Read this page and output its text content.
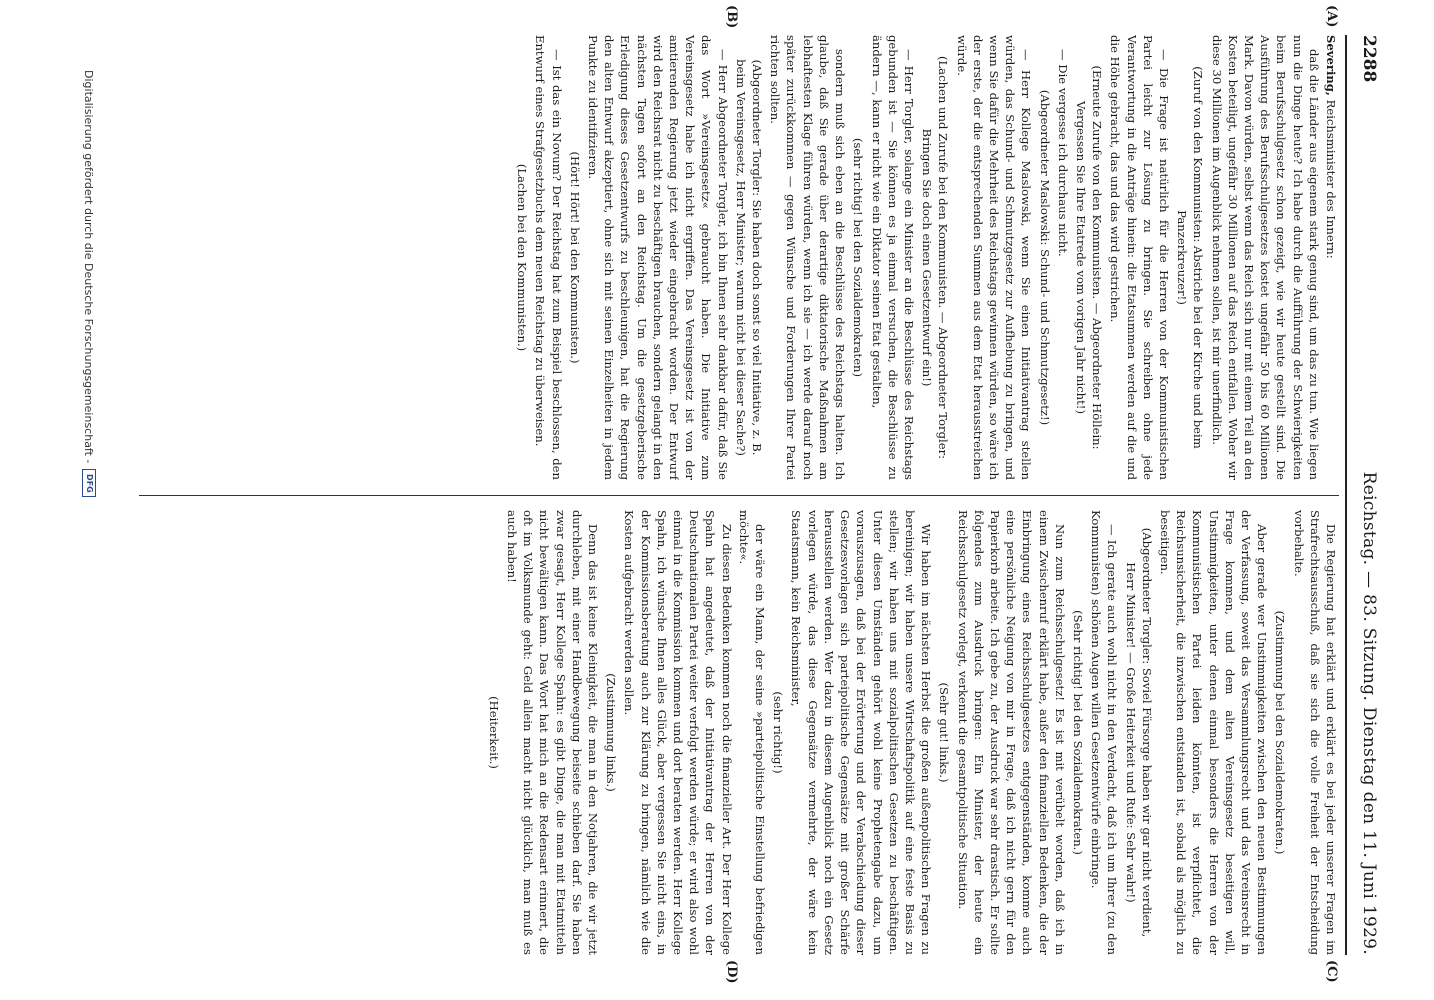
2288
Reichstag. — 83. Sitzung. Dienstag den 11. Juni 1929.
(A)
(B)
(C)
(D)

Severing, Reichsminister des Innern:

daß die Länder aus eigenem stark genug sind, um das zu tun. Wie liegen nun die Dinge heute? Ich habe durch die Aufführung der Schwierigkeiten beim Berufsschulgesetz schon gezeigt, wie wir heute gestellt sind. Die Ausführung des Berufsschulgesetzes kostet ungefähr 50 bis 60 Millionen Mark. Davon würden, selbst wenn das Reich sich nur mit einem Teil an den Kosten beteiligt, ungefähr 30 Millionen auf das Reich entfallen. Woher wir diese 30 Millionen im Augenblick nehmen sollen, ist mir unerfindlich.

(Zuruf von den Kommunisten: Abstriche bei der Kirche und beim Panzerkreuzer!)

— Die Frage ist natürlich für die Herren von der Kommunistischen Partei leicht zur Lösung zu bringen. Sie schreiben ohne jede Verantwortung in die Anträge hinein: die Etatsummen werden auf die und die Höhe gebracht, das und das wird gestrichen.

(Erneute Zurufe von den Kommunisten. — Abgeordneter Höllein: Vergessen Sie Ihre Etatrede vom vorigen Jahr nicht!)

— Die vergesse ich durchaus nicht.

(Abgeordneter Maslowski: Schund- und Schmutzgesetz!)

— Herr Kollege Maslowski, wenn Sie einen Initiativantrag stellen würden, das Schund- und Schmutzgesetz zur Aufhebung zu bringen, und wenn Sie dafür die Mehrheit des Reichstags gewinnen würden, so wäre ich der erste, der die entsprechenden Summen aus dem Etat herausstreichen würde.

(Lachen und Zurufe bei den Kommunisten. — Abgeordneter Torgler: Bringen Sie doch einen Gesetzentwurf ein!)

— Herr Torgler, solange ein Minister an die Beschlüsse des Reichstags gebunden ist — Sie können es ja einmal versuchen, die Beschlüsse zu ändern —, kann er nicht wie ein Diktator seinen Etat gestalten,

(sehr richtig! bei den Sozialdemokraten)

sondern muß sich eben an die Beschlüsse des Reichstags halten. Ich glaube, daß Sie gerade über derartige diktatorische Maßnahmen am lebhaftesten Klage führen würden, wenn ich sie — ich werde darauf noch später zurückkommen — gegen Wünsche und Forderungen Ihrer Partei richten sollten.

(Abgeordneter Torgler: Sie haben doch sonst so viel Initiative, z. B. beim Vereinsgesetz, Herr Minister; warum nicht bei dieser Sache?)

— Herr Abgeordneter Torgler, ich bin Ihnen sehr dankbar dafür, daß Sie das Wort »Vereinsgesetz« gebraucht haben. Die Initiative zum Vereinsgesetz habe ich nicht ergriffen. Das Vereinsgesetz ist von der amtierenden Regierung jetzt wieder eingebracht worden. Der Entwurf wird den Reichsrat nicht zu beschäftigen brauchen, sondern gelangt in den nächsten Tagen sofort an den Reichstag. Um die gesetzgeberische Erledigung dieses Gesetzentwurfs zu beschleunigen, hat die Regierung den alten Entwurf akzeptiert, ohne sich mit seinen Einzelheiten in jedem Punkte zu identifizieren.

(Hört! Hört! bei den Kommunisten.)

— Ist das ein Novum? Der Reichstag hat zum Beispiel beschlossen, den Entwurf eines Strafgesetzbuchs dem neuen Reichstag zu überweisen.

(Lachen bei den Kommunisten.)

Die Regierung hat erklärt und erklärt es bei jeder unserer Fragen im Strafrechtsausschuß, daß sie sich die volle Freiheit der Entscheidung vorbehalte.

(Zustimmung bei den Sozialdemokraten.)

Aber gerade wer Unstimmigkeiten zwischen den neuen Bestimmungen der Verfassung, soweit das Versammlungsrecht und das Vereinsrecht in Frage kommen, und dem alten Vereinsgesetz beseitigen will, Unstimmigkeiten, unter denen einmal besonders die Herren von der Kommunistischen Partei leiden könnten, ist verpflichtet, die Reichsunsicherheit, die inzwischen entstanden ist, sobald als möglich zu beseitigen.

(Abgeordneter Torgler: Soviel Fürsorge haben wir gar nicht verdient, Herr Minister! — Große Heiterkeit und Rufe: Sehr wahr!)

— Ich gerate auch wohl nicht in den Verdacht, daß ich um Ihrer (zu den Kommunisten) schönen Augen willen Gesetzentwürfe einbringe.

(Sehr richtig! bei den Sozialdemokraten.)

Nun zum Reichsschulgesetz! Es ist mit verübelt worden, daß ich in einem Zwischenruf erklärt habe, außer den finanziellen Bedenken, die der Einbringung eines Reichsschulgesetzes entgegenständen, komme auch eine persönliche Neigung von mir in Frage, daß ich nicht gern für den Papierkorb arbeite. Ich gebe zu, der Ausdruck war sehr drastisch. Er sollte folgendes zum Ausdruck bringen: Ein Minister, der heute ein Reichsschulgesetz vorlegt, verkennt die gesamtpolitische Situation.

(Sehr gut! links.)

Wir haben im nächsten Herbst die großen außenpolitischen Fragen zu bereinigen; wir haben unsere Wirtschaftspolitik auf eine feste Basis zu stellen; wir haben uns mit sozialpolitischen Gesetzen zu beschäftigen. Unter diesen Umständen gehört wohl keine Prophetengabe dazu, um vorauszusagen, daß bei der Erörterung und der Verabschiedung dieser Gesetzesvorlagen sich parteipolitische Gegensätze mit großer Schärfe herausstellen werden. Wer dazu in diesem Augenblick noch ein Gesetz vorlegen würde, das diese Gegensätze vermehrte, der wäre kein Staatsmann, kein Reichsminister,

(sehr richtig!)

der wäre ein Mann, der seine »parteipolitische Einstellung befriedigen möchte«.

Zu diesen Bedenken kommen noch die finanzieller Art. Der Herr Kollege Spahn hat angedeutet, daß der Initiativantrag der Herren von der Deutschnationalen Partei weiter verfolgt werden würde; er wird also wohl einmal in die Kommission kommen und dort beraten werden. Herr Kollege Spahn, ich wünsche Ihnen alles Glück, aber vergessen Sie nicht eins, in der Kommissionsberatung auch zur Klärung zu bringen, nämlich wie die Kosten aufgebracht werden sollen.

(Zustimmung links.)

Denn das ist keine Kleinigkeit, die man in den Notjahren, die wir jetzt durchleben, mit einer Handbewegung beiseite schieben darf. Sie haben zwar gesagt, Herr Kollege Spahn: es gibt Dinge, die man mit Etatmitteln nicht bewältigen kann. Das Wort hat mich an die Redensart erinnert, die oft im Volksmunde geht: Geld allein macht nicht glücklich, man muß es auch haben!

(Heiterkeit.)

Digitalisierung gefördert durch die Deutsche Forschungsgemeinschaft -
DFG
